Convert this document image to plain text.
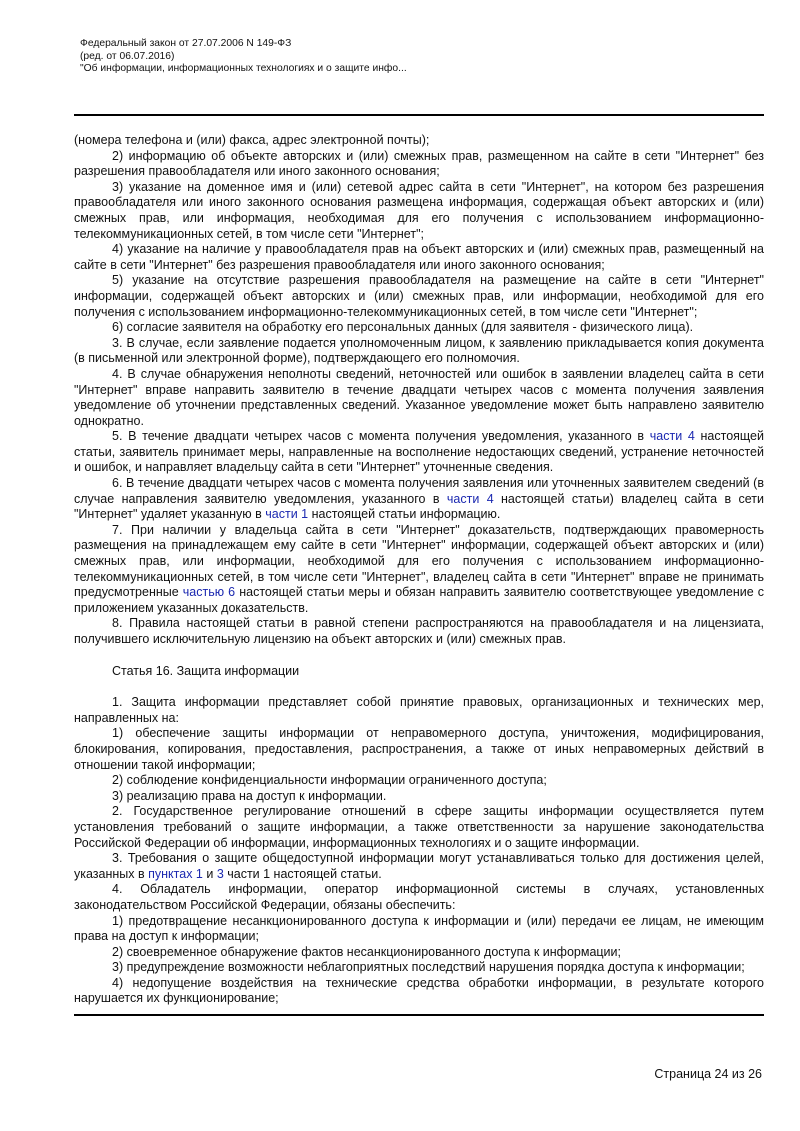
Федеральный закон от 27.07.2006 N 149-ФЗ
(ред. от 06.07.2016)
"Об информации, информационных технологиях и о защите инфо...

(номера телефона и (или) факса, адрес электронной почты);

2) информацию об объекте авторских и (или) смежных прав, размещенном на сайте в сети "Интернет" без разрешения правообладателя или иного законного основания;

3) указание на доменное имя и (или) сетевой адрес сайта в сети "Интернет", на котором без разрешения правообладателя или иного законного основания размещена информация, содержащая объект авторских и (или) смежных прав, или информация, необходимая для его получения с использованием информационно-телекоммуникационных сетей, в том числе сети "Интернет";

4) указание на наличие у правообладателя прав на объект авторских и (или) смежных прав, размещенный на сайте в сети "Интернет" без разрешения правообладателя или иного законного основания;

5) указание на отсутствие разрешения правообладателя на размещение на сайте в сети "Интернет" информации, содержащей объект авторских и (или) смежных прав, или информации, необходимой для его получения с использованием информационно-телекоммуникационных сетей, в том числе сети "Интернет";

6) согласие заявителя на обработку его персональных данных (для заявителя - физического лица).

3. В случае, если заявление подается уполномоченным лицом, к заявлению прикладывается копия документа (в письменной или электронной форме), подтверждающего его полномочия.

4. В случае обнаружения неполноты сведений, неточностей или ошибок в заявлении владелец сайта в сети "Интернет" вправе направить заявителю в течение двадцати четырех часов с момента получения заявления уведомление об уточнении представленных сведений. Указанное уведомление может быть направлено заявителю однократно.

5. В течение двадцати четырех часов с момента получения уведомления, указанного в части 4 настоящей статьи, заявитель принимает меры, направленные на восполнение недостающих сведений, устранение неточностей и ошибок, и направляет владельцу сайта в сети "Интернет" уточненные сведения.

6. В течение двадцати четырех часов с момента получения заявления или уточненных заявителем сведений (в случае направления заявителю уведомления, указанного в части 4 настоящей статьи) владелец сайта в сети "Интернет" удаляет указанную в части 1 настоящей статьи информацию.

7. При наличии у владельца сайта в сети "Интернет" доказательств, подтверждающих правомерность размещения на принадлежащем ему сайте в сети "Интернет" информации, содержащей объект авторских и (или) смежных прав, или информации, необходимой для его получения с использованием информационно-телекоммуникационных сетей, в том числе сети "Интернет", владелец сайта в сети "Интернет" вправе не принимать предусмотренные частью 6 настоящей статьи меры и обязан направить заявителю соответствующее уведомление с приложением указанных доказательств.

8. Правила настоящей статьи в равной степени распространяются на правообладателя и на лицензиата, получившего исключительную лицензию на объект авторских и (или) смежных прав.

Статья 16. Защита информации

1. Защита информации представляет собой принятие правовых, организационных и технических мер, направленных на:

1) обеспечение защиты информации от неправомерного доступа, уничтожения, модифицирования, блокирования, копирования, предоставления, распространения, а также от иных неправомерных действий в отношении такой информации;

2) соблюдение конфиденциальности информации ограниченного доступа;

3) реализацию права на доступ к информации.

2. Государственное регулирование отношений в сфере защиты информации осуществляется путем установления требований о защите информации, а также ответственности за нарушение законодательства Российской Федерации об информации, информационных технологиях и о защите информации.

3. Требования о защите общедоступной информации могут устанавливаться только для достижения целей, указанных в пунктах 1 и 3 части 1 настоящей статьи.

4. Обладатель информации, оператор информационной системы в случаях, установленных законодательством Российской Федерации, обязаны обеспечить:

1) предотвращение несанкционированного доступа к информации и (или) передачи ее лицам, не имеющим права на доступ к информации;

2) своевременное обнаружение фактов несанкционированного доступа к информации;

3) предупреждение возможности неблагоприятных последствий нарушения порядка доступа к информации;

4) недопущение воздействия на технические средства обработки информации, в результате которого нарушается их функционирование;

Страница 24 из 26
